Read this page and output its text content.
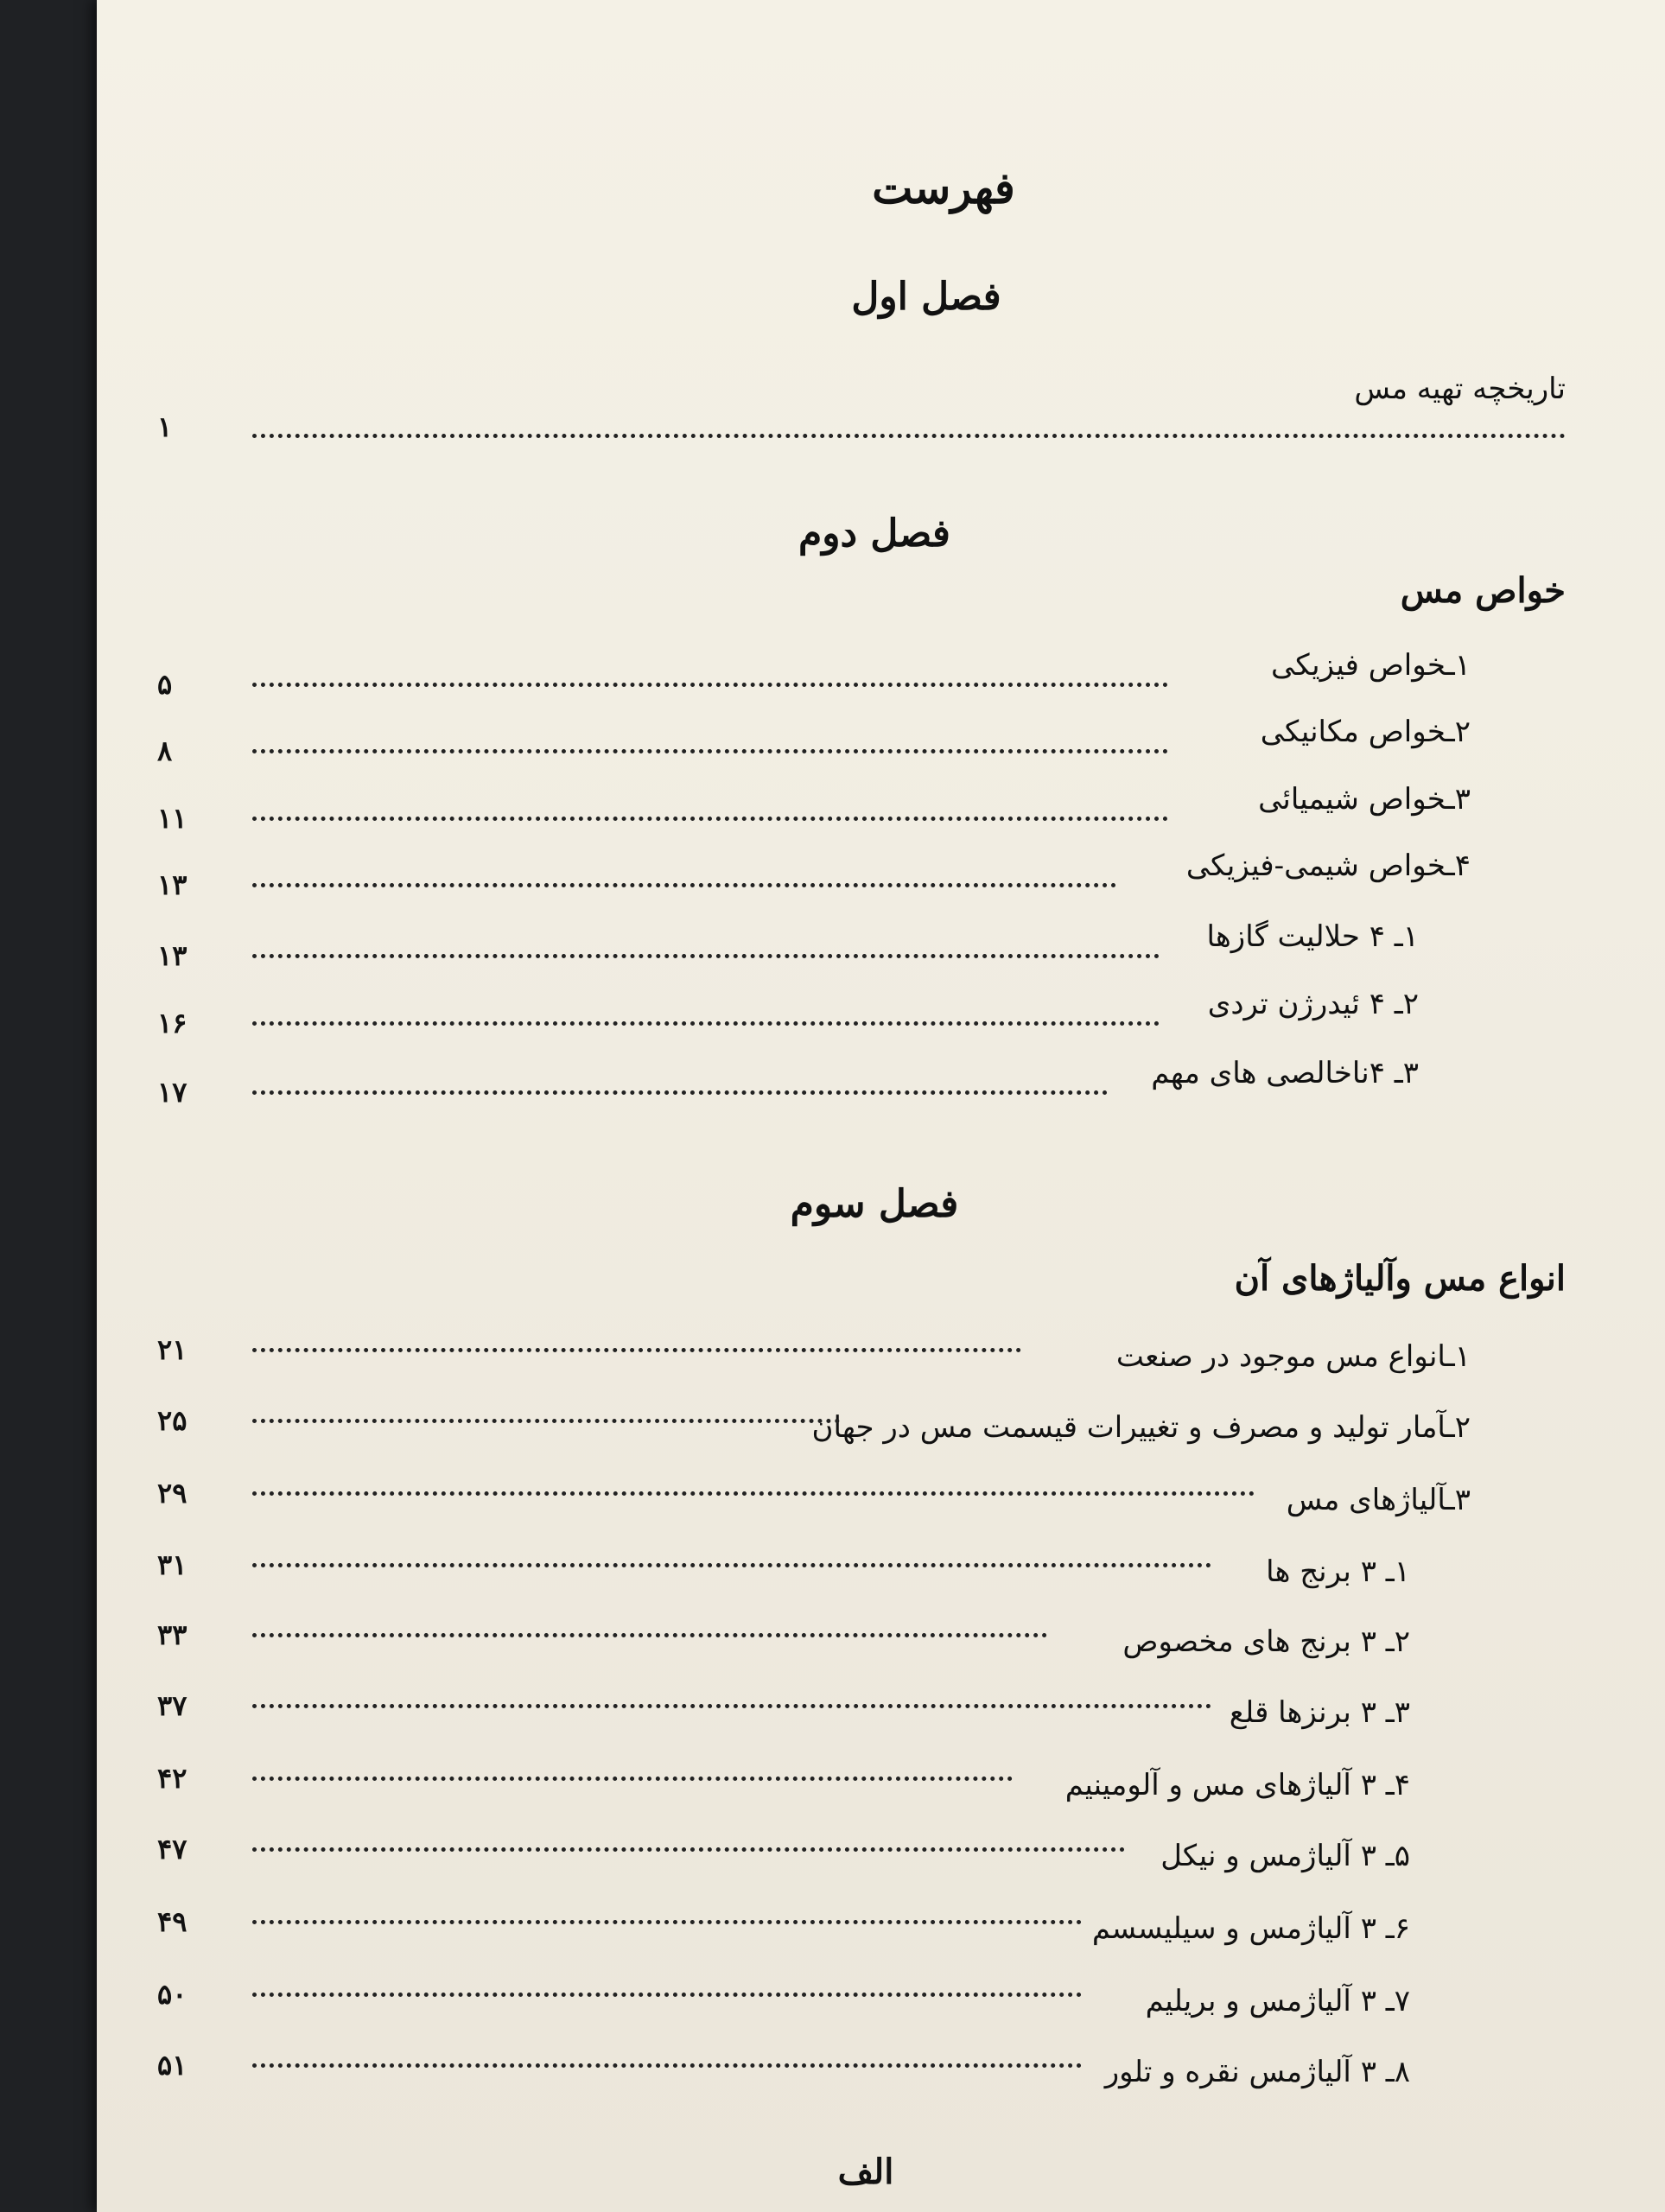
فهرست
فصل اول
تاریخچه تهیه مس
۱
فصل دوم
خواص مس
۱ـخواص فیزیکی
۵
۲ـخواص مکانیکی
۸
۳ـخواص شیمیائی
۱۱
۴ـخواص شیمی-فیزیکی
۱۳
۱ـ ۴ حلالیت گازها
۱۳
۲ـ ۴ ئیدرژن تردی
۱۶
۳ـ ۴ناخالصی های مهم
۱۷
فصل سوم
انواع مس وآلیاژهای آن
۱ـانواع مس موجود در صنعت
۲۱
۲ـآمار تولید و مصرف و تغییرات قیسمت مس در جهان
۲۵
۳ـآلیاژهای مس
۲۹
۱ـ ۳ برنج ها
۳۱
۲ـ ۳ برنج های مخصوص
۳۳
۳ـ ۳ برنزها قلع
۳۷
۴ـ ۳ آلیاژهای مس و آلومینیم
۴۲
۵ـ ۳ آلیاژمس و نیکل
۴۷
۶ـ ۳ آلیاژمس و سیلیسسم
۴۹
۷ـ ۳ آلیاژمس و بریلیم
۵۰
۸ـ ۳ آلیاژمس نقره و تلور
۵۱
الف
